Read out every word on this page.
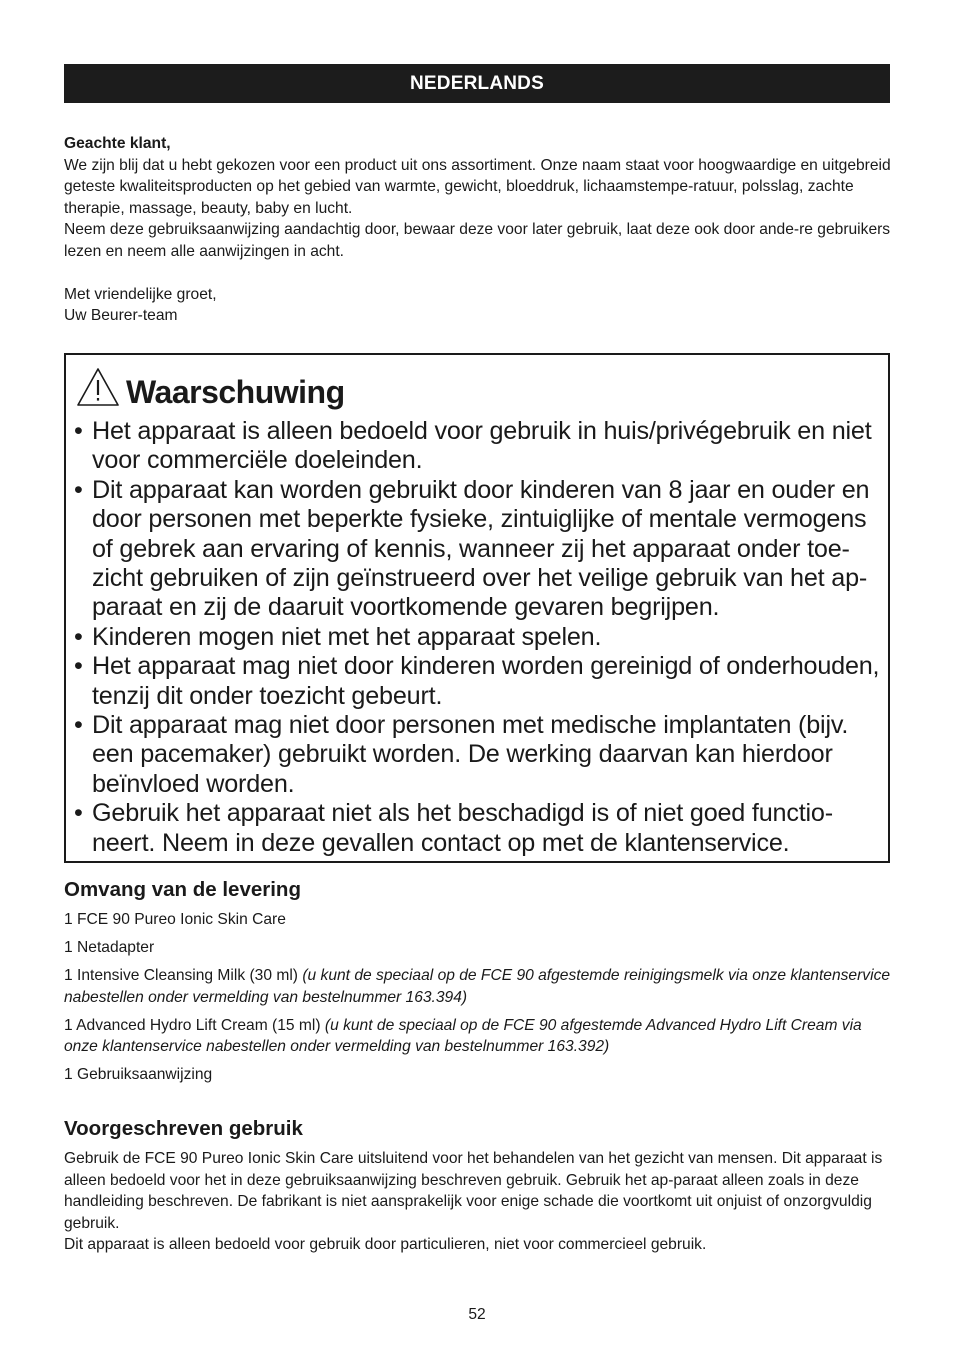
NEDERLANDS

Geachte klant,

We zijn blij dat u hebt gekozen voor een product uit ons assortiment. Onze naam staat voor hoogwaardige en uitgebreid geteste kwaliteitsproducten op het gebied van warmte, gewicht, bloeddruk, lichaamstempe-ratuur, polsslag, zachte therapie, massage, beauty, baby en lucht.

Neem deze gebruiksaanwijzing aandachtig door, bewaar deze voor later gebruik, laat deze ook door ande-re gebruikers lezen en neem alle aanwijzingen in acht.

Met vriendelijke groet,

Uw Beurer-team

Waarschuwing
• Het apparaat is alleen bedoeld voor gebruik in huis/privégebruik en niet voor commerciële doeleinden.
• Dit apparaat kan worden gebruikt door kinderen van 8 jaar en ouder en door personen met beperkte fysieke, zintuiglijke of mentale vermogens of gebrek aan ervaring of kennis, wanneer zij het apparaat onder toe-zicht gebruiken of zijn geïnstrueerd over het veilige gebruik van het ap-paraat en zij de daaruit voortkomende gevaren begrijpen.
• Kinderen mogen niet met het apparaat spelen.
• Het apparaat mag niet door kinderen worden gereinigd of onderhouden, tenzij dit onder toezicht gebeurt.
• Dit apparaat mag niet door personen met medische implantaten (bijv. een pacemaker) gebruikt worden. De werking daarvan kan hierdoor beïnvloed worden.
• Gebruik het apparaat niet als het beschadigd is of niet goed functio-neert. Neem in deze gevallen contact op met de klantenservice.
Omvang van de levering
1 FCE 90 Pureo Ionic Skin Care
1 Netadapter
1 Intensive Cleansing Milk (30 ml) (u kunt de speciaal op de FCE 90 afgestemde reinigingsmelk via onze klantenservice nabestellen onder vermelding van bestelnummer 163.394)
1 Advanced Hydro Lift Cream (15 ml) (u kunt de speciaal op de FCE 90 afgestemde Advanced Hydro Lift Cream via onze klantenservice nabestellen onder vermelding van bestelnummer 163.392)
1 Gebruiksaanwijzing
Voorgeschreven gebruik

Gebruik de FCE 90 Pureo Ionic Skin Care uitsluitend voor het behandelen van het gezicht van mensen. Dit apparaat is alleen bedoeld voor het in deze gebruiksaanwijzing beschreven gebruik. Gebruik het ap-paraat alleen zoals in deze handleiding beschreven. De fabrikant is niet aansprakelijk voor enige schade die voortkomt uit onjuist of onzorgvuldig gebruik.

Dit apparaat is alleen bedoeld voor gebruik door particulieren, niet voor commercieel gebruik.

52
